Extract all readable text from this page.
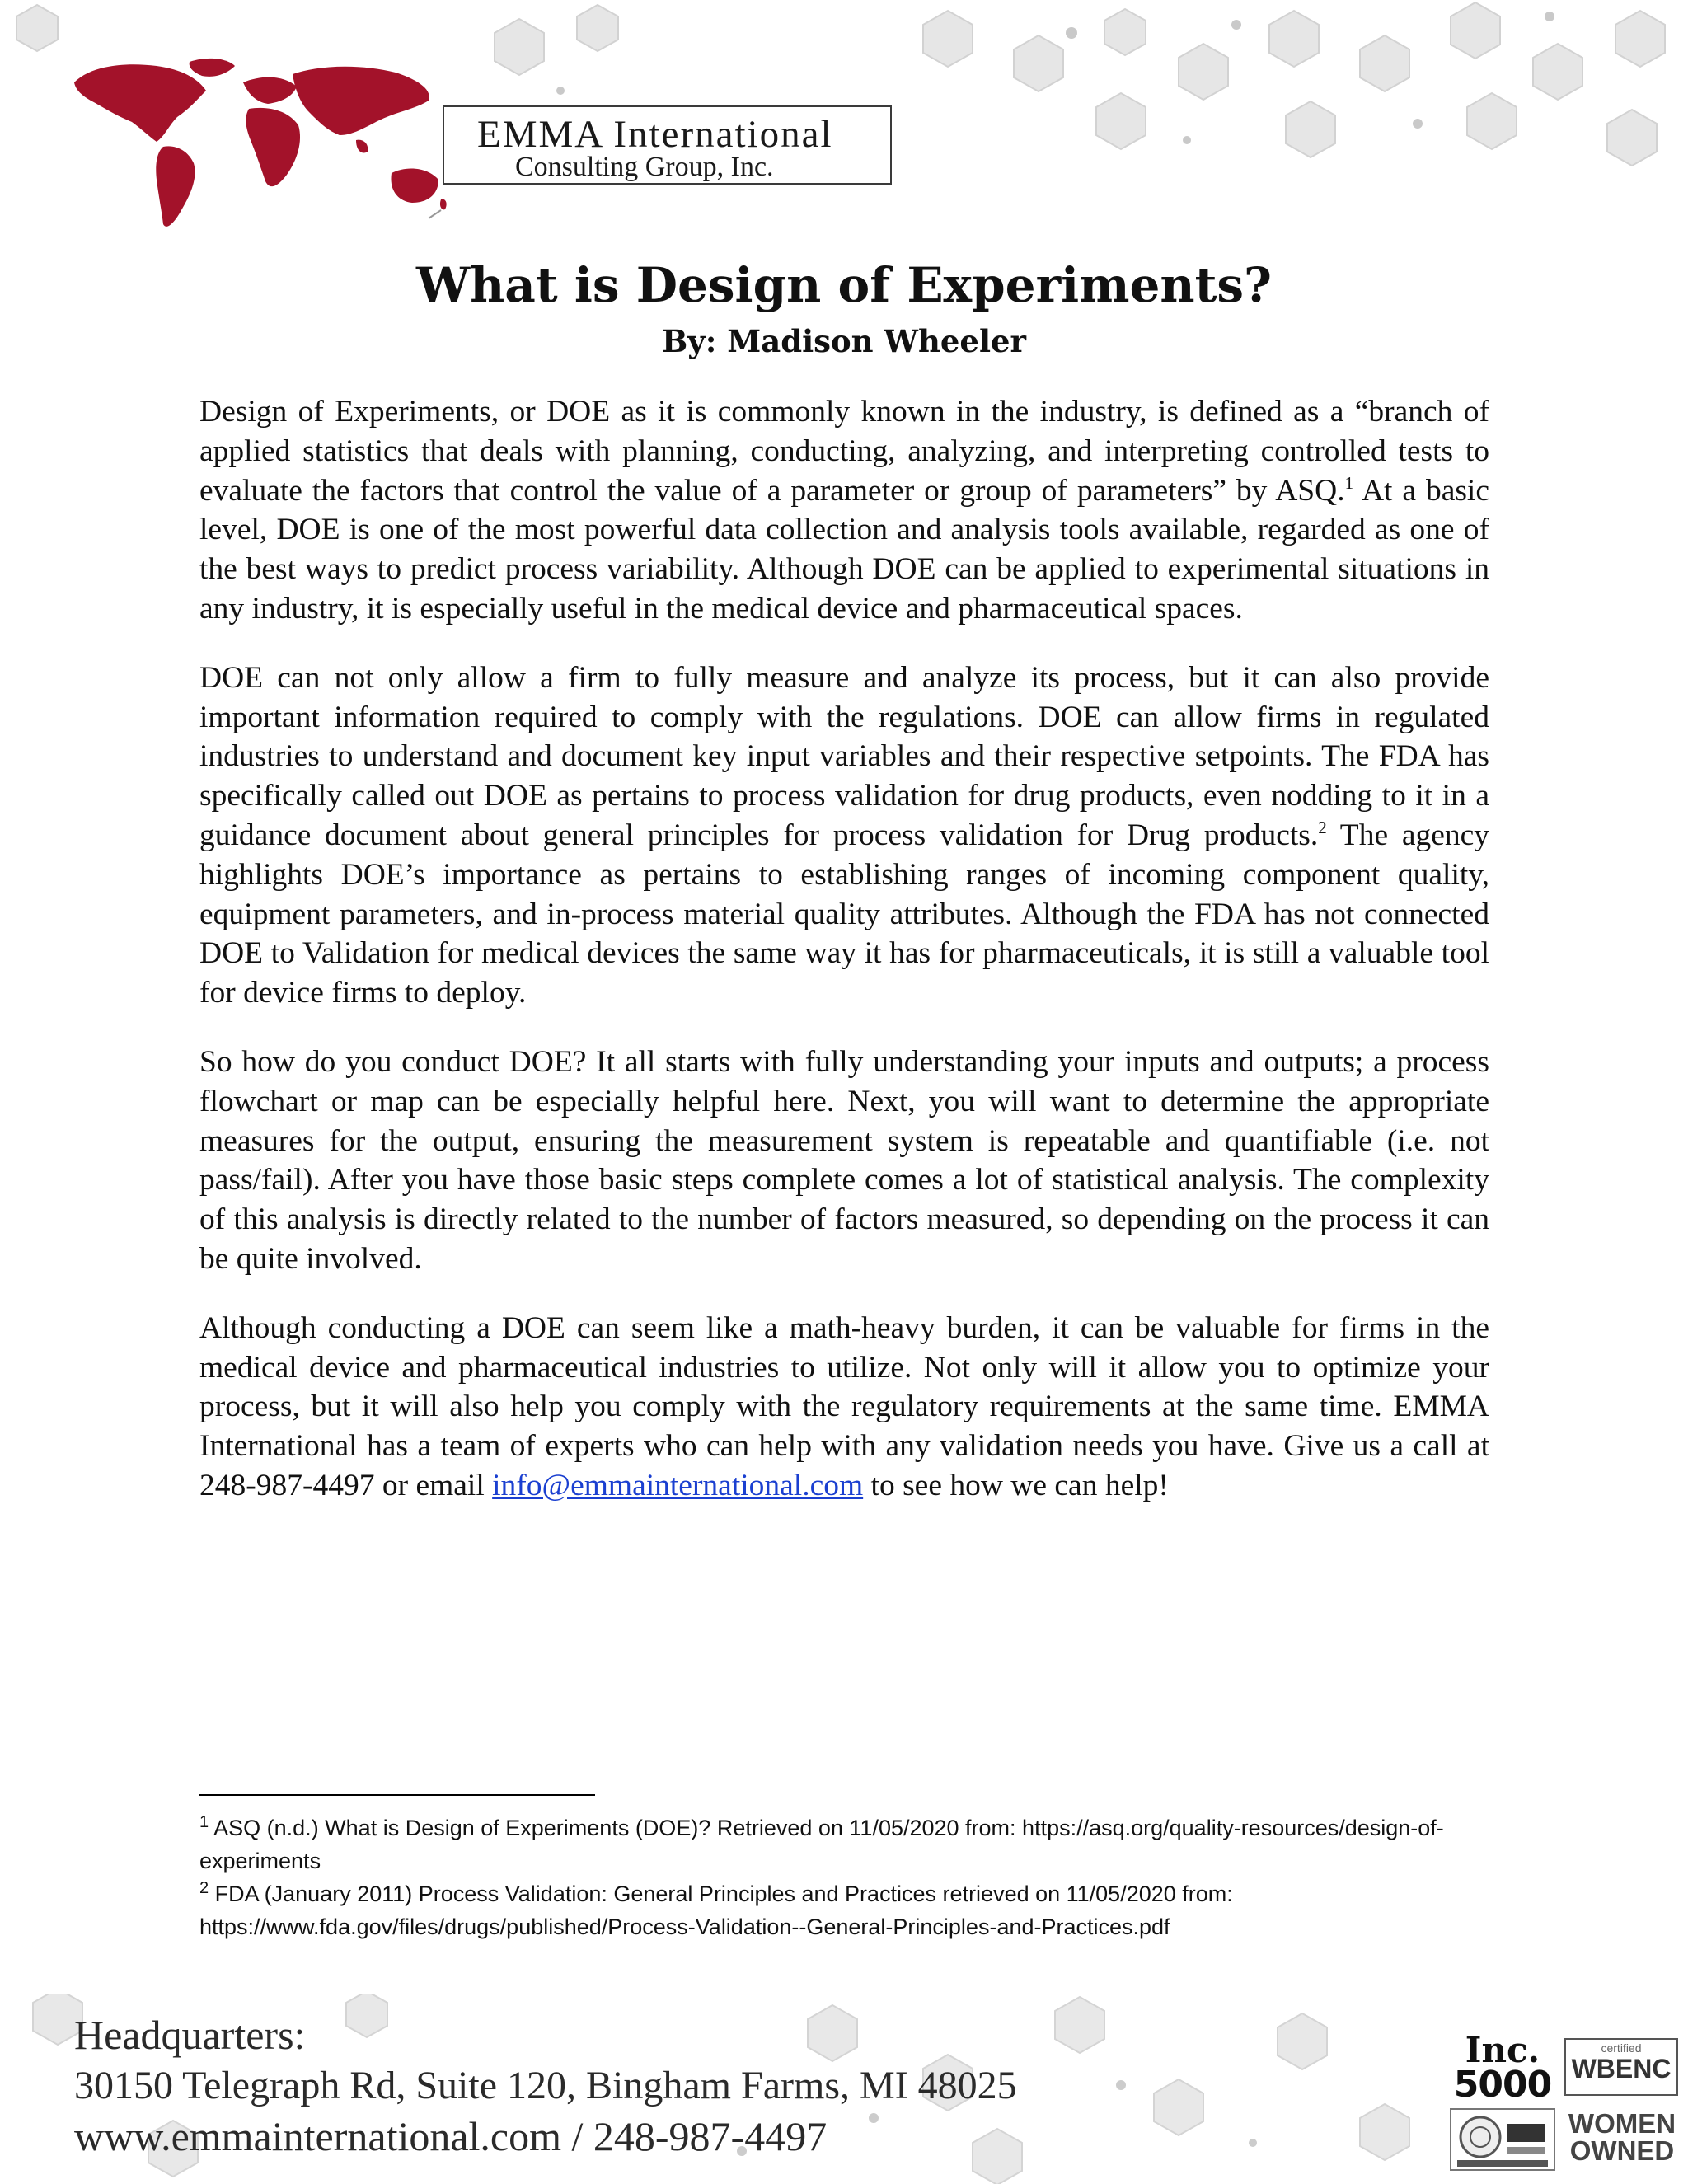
EMMA International
Consulting Group, Inc.
What is Design of Experiments?
By: Madison Wheeler

Design of Experiments, or DOE as it is commonly known in the industry, is defined as a “branch of applied statistics that deals with planning, conducting, analyzing, and interpreting controlled tests to evaluate the factors that control the value of a parameter or group of parameters” by ASQ.$^1$ At a basic level, DOE is one of the most powerful data collection and analysis tools available, regarded as one of the best ways to predict process variability. Although DOE can be applied to experimental situations in any industry, it is especially useful in the medical device and pharmaceutical spaces.

DOE can not only allow a firm to fully measure and analyze its process, but it can also provide important information required to comply with the regulations. DOE can allow firms in regulated industries to understand and document key input variables and their respective setpoints. The FDA has specifically called out DOE as pertains to process validation for drug products, even nodding to it in a guidance document about general principles for process validation for Drug products.$^2$ The agency highlights DOE’s importance as pertains to establishing ranges of incoming component quality, equipment parameters, and in-process material quality attributes. Although the FDA has not connected DOE to Validation for medical devices the same way it has for pharmaceuticals, it is still a valuable tool for device firms to deploy.

So how do you conduct DOE? It all starts with fully understanding your inputs and outputs; a process flowchart or map can be especially helpful here. Next, you will want to determine the appropriate measures for the output, ensuring the measurement system is repeatable and quantifiable (i.e. not pass/fail). After you have those basic steps complete comes a lot of statistical analysis. The complexity of this analysis is directly related to the number of factors measured, so depending on the process it can be quite involved.

Although conducting a DOE can seem like a math-heavy burden, it can be valuable for firms in the medical device and pharmaceutical industries to utilize. Not only will it allow you to optimize your process, but it will also help you comply with the regulatory requirements at the same time. EMMA International has a team of experts who can help with any validation needs you have. Give us a call at 248-987-4497 or email info@emmainternational.com to see how we can help!

$^1$ ASQ (n.d.) What is Design of Experiments (DOE)? Retrieved on 11/05/2020 from: https://asq.org/quality-resources/design-of-experiments

$^2$ FDA (January 2011) Process Validation: General Principles and Practices retrieved on 11/05/2020 from: https://www.fda.gov/files/drugs/published/Process-Validation--General-Principles-and-Practices.pdf

Headquarters:
30150 Telegraph Rd, Suite 120, Bingham Farms, MI 48025
www.emmainternational.com / 248-987-4497
Inc.
5000
certified
WBENC
WOMEN
OWNED
